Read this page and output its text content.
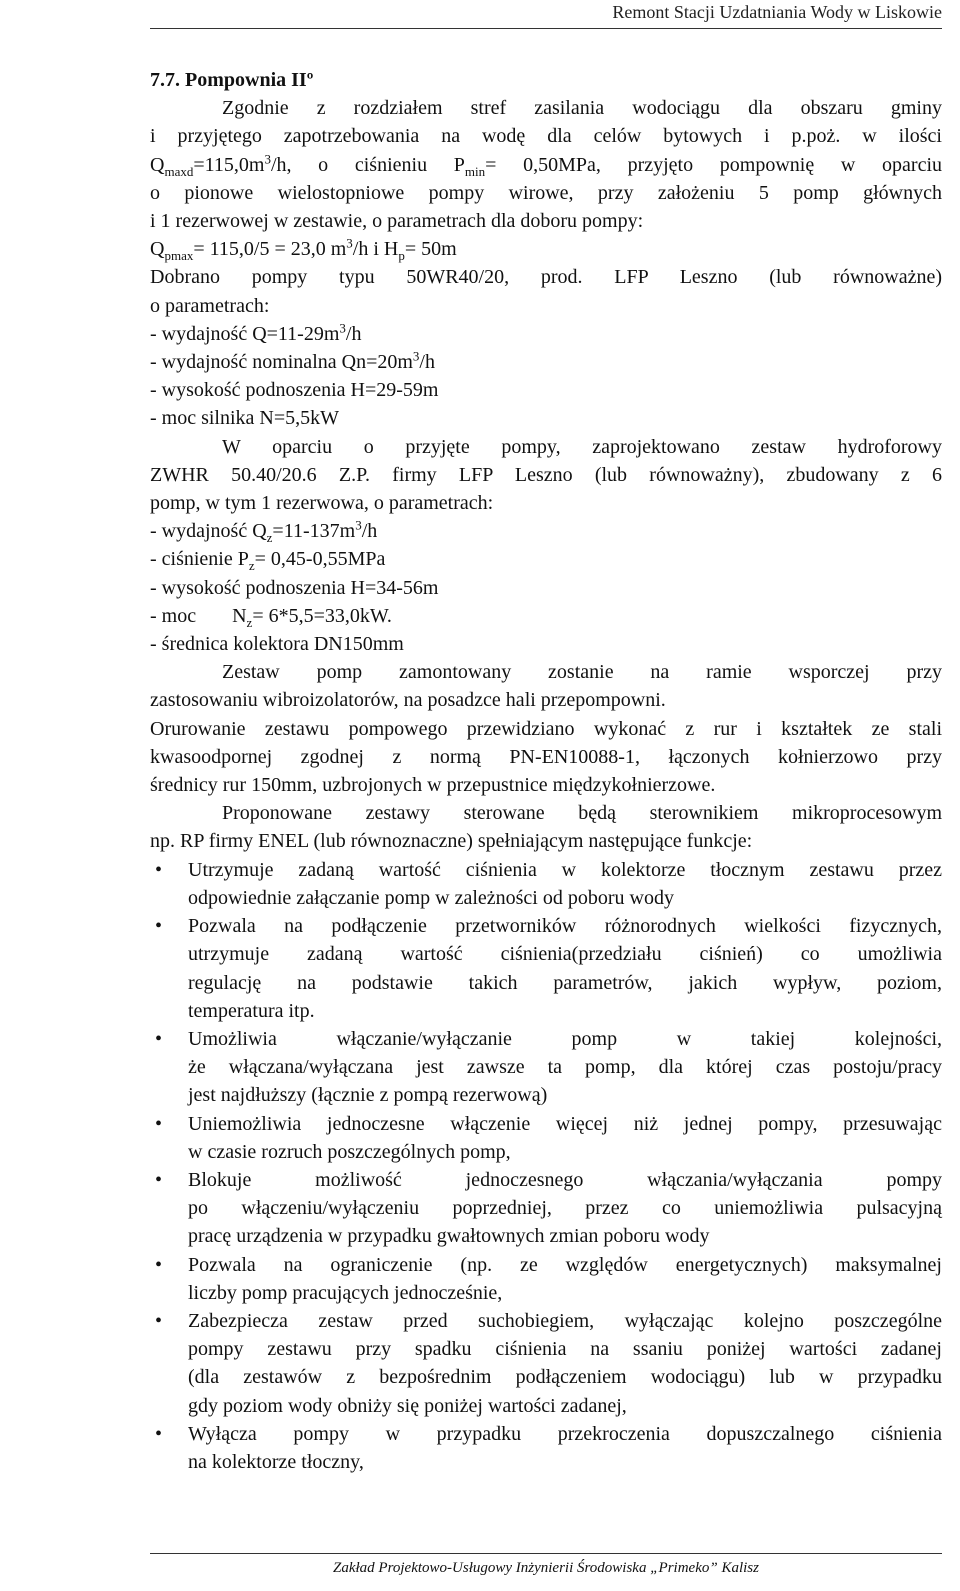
Remont Stacji Uzdatniania Wody w Liskowie

7.7. Pompownia IIº

Zgodnie z rozdziałem stref zasilania wodociągu dla obszaru gminy

i przyjętego zapotrzebowania na wodę dla celów bytowych i p.poż. w ilości

$Q_{maxd}=115,0m^3/h$, o ciśnieniu $P_{min}= 0,50MPa$, przyjęto pompownię w oparciu

o pionowe wielostopniowe pompy wirowe, przy założeniu 5 pomp głównych

i 1 rezerwowej w zestawie, o parametrach dla doboru pompy:

$Q_{pmax}= 115,0/5 = 23,0$ $m^3/h$ i $H_p= 50m$

Dobrano pompy typu 50WR40/20, prod. LFP Leszno (lub równoważne)

o parametrach:

- wydajność $Q=11-29m^3/h$

- wydajność nominalna $Qn=20m^3/h$

- wysokość podnoszenia H=29-59m

- moc silnika N=5,5kW

W oparciu o przyjęte pompy, zaprojektowano zestaw hydroforowy

ZWHR 50.40/20.6 Z.P. firmy LFP Leszno (lub równoważny), zbudowany z 6

pomp, w tym 1 rezerwowa, o parametrach:

- wydajność $Q_z=11-137m^3/h$

- ciśnienie $P_z= 0,45-0,55MPa$

- wysokość podnoszenia H=34-56m

- moc $N_z= 6*5,5=33,0kW$.

- średnica kolektora DN150mm

Zestaw pomp zamontowany zostanie na ramie wsporczej przy

zastosowaniu wibroizolatorów, na posadzce hali przepompowni.

Orurowanie zestawu pompowego przewidziano wykonać z rur i kształtek ze stali

kwasoodpornej zgodnej z normą PN-EN10088-1, łączonych kołnierzowo przy

średnicy rur 150mm, uzbrojonych w przepustnice międzykołnierzowe.

Proponowane zestawy sterowane będą sterownikiem mikroprocesowym

np. RP firmy ENEL (lub równoznaczne) spełniającym następujące funkcje:

• Utrzymuje zadaną wartość ciśnienia w kolektorze tłocznym zestawu przez

odpowiednie załączanie pomp w zależności od poboru wody

• Pozwala na podłączenie przetworników różnorodnych wielkości fizycznych,

utrzymuje zadaną wartość ciśnienia(przedziału ciśnień) co umożliwia

regulację na podstawie takich parametrów, jakich wypływ, poziom,

temperatura itp.

• Umożliwia włączanie/wyłączanie pomp w takiej kolejności,

że włączana/wyłączana jest zawsze ta pomp, dla której czas postoju/pracy

jest najdłuższy (łącznie z pompą rezerwową)

• Uniemożliwia jednoczesne włączenie więcej niż jednej pompy, przesuwając

w czasie rozruch poszczególnych pomp,

• Blokuje możliwość jednoczesnego włączania/wyłączania pompy

po włączeniu/wyłączeniu poprzedniej, przez co uniemożliwia pulsacyjną

pracę urządzenia w przypadku gwałtownych zmian poboru wody

• Pozwala na ograniczenie (np. ze względów energetycznych) maksymalnej

liczby pomp pracujących jednocześnie,

• Zabezpiecza zestaw przed suchobiegiem, wyłączając kolejno poszczególne

pompy zestawu przy spadku ciśnienia na ssaniu poniżej wartości zadanej

(dla zestawów z bezpośrednim podłączeniem wodociągu) lub w przypadku

gdy poziom wody obniży się poniżej wartości zadanej,

• Wyłącza pompy w przypadku przekroczenia dopuszczalnego ciśnienia

na kolektorze tłoczny,

Zakład Projektowo-Usługowy Inżynierii Środowiska „Primeko” Kalisz
